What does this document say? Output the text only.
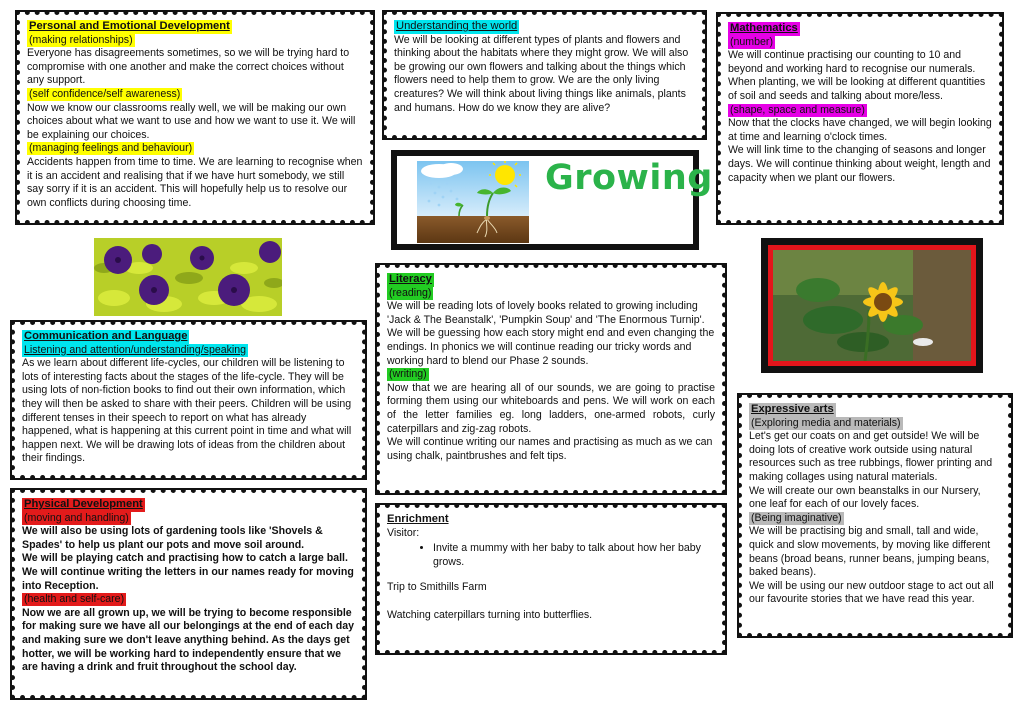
Personal and Emotional Development
(making relationships)

Everyone has disagreements sometimes, so we will be trying hard to compromise with one another and make the correct choices without any support.

(self confidence/self awareness)

Now we know our classrooms really well, we will be making our own choices about what we want to use and how we want to use it. We will be explaining our choices.

(managing feelings and behaviour)

Accidents happen from time to time. We are learning to recognise when it is an accident and realising that if we have hurt somebody, we still say sorry if it is an accident. This will hopefully help us to resolve our own conflicts during choosing time.

Understanding the world

We will be looking at different types of plants and flowers and thinking about the habitats where they might grow. We will also be growing our own flowers and talking about the things which flowers need to help them to grow. We are the only living creatures? We will think about living things like animals, plants and humans. How do we know they are alive?

Mathematics
(number)

We will continue practising our counting to 10 and beyond and working hard to recognise our numerals. When planting, we will be looking at different quantities of soil and seeds and talking about more/less.

(shape, space and measure)

Now that the clocks have changed, we will begin looking at time and learning o'clock times.

We will link time to the changing of seasons and longer days. We will continue thinking about weight, length and capacity when we plant our flowers.

Growing
Communication and Language
Listening and attention/understanding/speaking

As we learn about different life-cycles, our children will be listening to lots of interesting facts about the stages of the life-cycle. They will be using lots of non-fiction books to find out their own information, which they will then be asked to share with their peers. Children will be using different tenses in their speech to report on what has already happened, what is happening at this current point in time and what will happen next. We will be drawing lots of ideas from the children about their findings.

Literacy
(reading)

We will be reading lots of lovely books related to growing including 'Jack & The Beanstalk', 'Pumpkin Soup' and 'The Enormous Turnip'. We will be guessing how each story might end and even changing the endings. In phonics we will continue reading our tricky words and working hard to blend our Phase 2 sounds.

(writing)

Now that we are hearing all of our sounds, we are going to practise forming them using our whiteboards and pens. We will work on each of the letter families eg. long ladders, one-armed robots, curly caterpillars and zig-zag robots.

We will continue writing our names and practising as much as we can using chalk, paintbrushes and felt tips.

Expressive arts
(Exploring media and materials)

Let's get our coats on and get outside! We will be doing lots of creative work outside using natural resources such as tree rubbings, flower printing and making collages using natural materials.

We will create our own beanstalks in our Nursery, one leaf for each of our lovely faces.

(Being imaginative)

We will be practising big and small, tall and wide, quick and slow movements, by moving like different beans (broad beans, runner beans, jumping beans, baked beans).

We will be using our new outdoor stage to act out all our favourite stories that we have read this year.

Physical Development
(moving and handling)

We will also be using lots of gardening tools like 'Shovels & Spades' to help us plant our pots and move soil around.

We will be playing catch and practising how to catch a large ball.

We will continue writing the letters in our names ready for moving into Reception.

(health and self-care)

Now we are all grown up, we will be trying to become responsible for making sure we have all our belongings at the end of each day and making sure we don't leave anything behind. As the days get hotter, we will be working hard to independently ensure that we are having a drink and fruit throughout the school day.

Enrichment

Visitor:

• Invite a mummy with her baby to talk about how her baby grows.

Trip to Smithills Farm

Watching caterpillars turning into butterflies.
